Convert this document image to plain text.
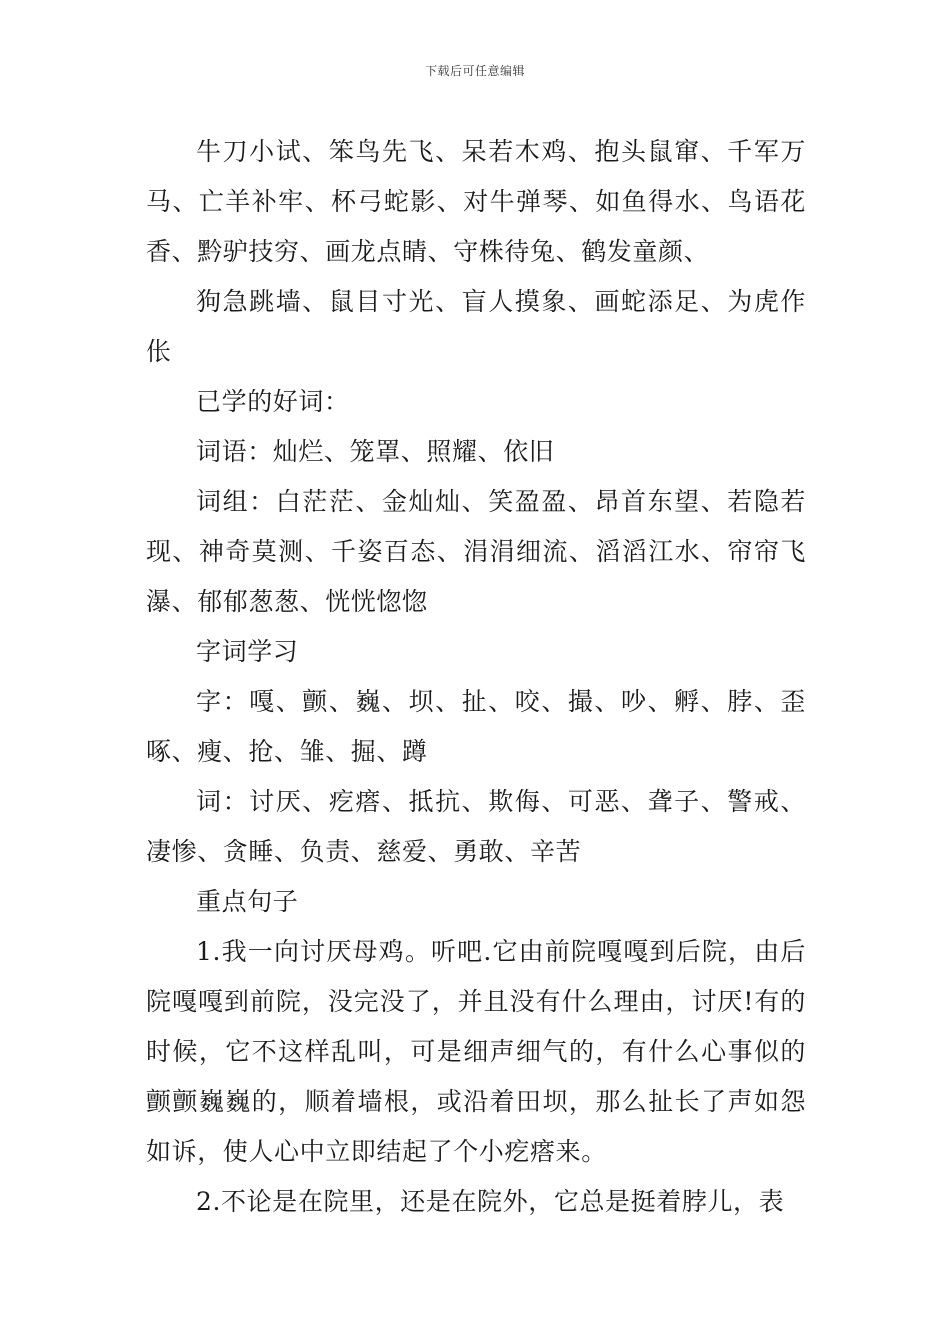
下载后可任意编辑

牛刀小试、笨鸟先飞、呆若木鸡、抱头鼠窜、千军万马、亡羊补牢、杯弓蛇影、对牛弹琴、如鱼得水、鸟语花香、黔驴技穷、画龙点睛、守株待兔、鹤发童颜、

狗急跳墙、鼠目寸光、盲人摸象、画蛇添足、为虎作伥

已学的好词：

词语：灿烂、笼罩、照耀、依旧

词组：白茫茫、金灿灿、笑盈盈、昂首东望、若隐若现、神奇莫测、千姿百态、涓涓细流、滔滔江水、帘帘飞瀑、郁郁葱葱、恍恍惚惚

字词学习

字：嘎、颤、巍、坝、扯、咬、撮、吵、孵、脖、歪啄、瘦、抢、雏、掘、蹲

词：讨厌、疙瘩、抵抗、欺侮、可恶、聋子、警戒、凄惨、贪睡、负责、慈爱、勇敢、辛苦

重点句子

1.我一向讨厌母鸡。听吧.它由前院嘎嘎到后院，由后院嘎嘎到前院，没完没了，并且没有什么理由，讨厌!有的时候，它不这样乱叫，可是细声细气的，有什么心事似的颤颤巍巍的，顺着墙根，或沿着田坝，那么扯长了声如怨如诉，使人心中立即结起了个小疙瘩来。

2.不论是在院里，还是在院外，它总是挺着脖儿，表
